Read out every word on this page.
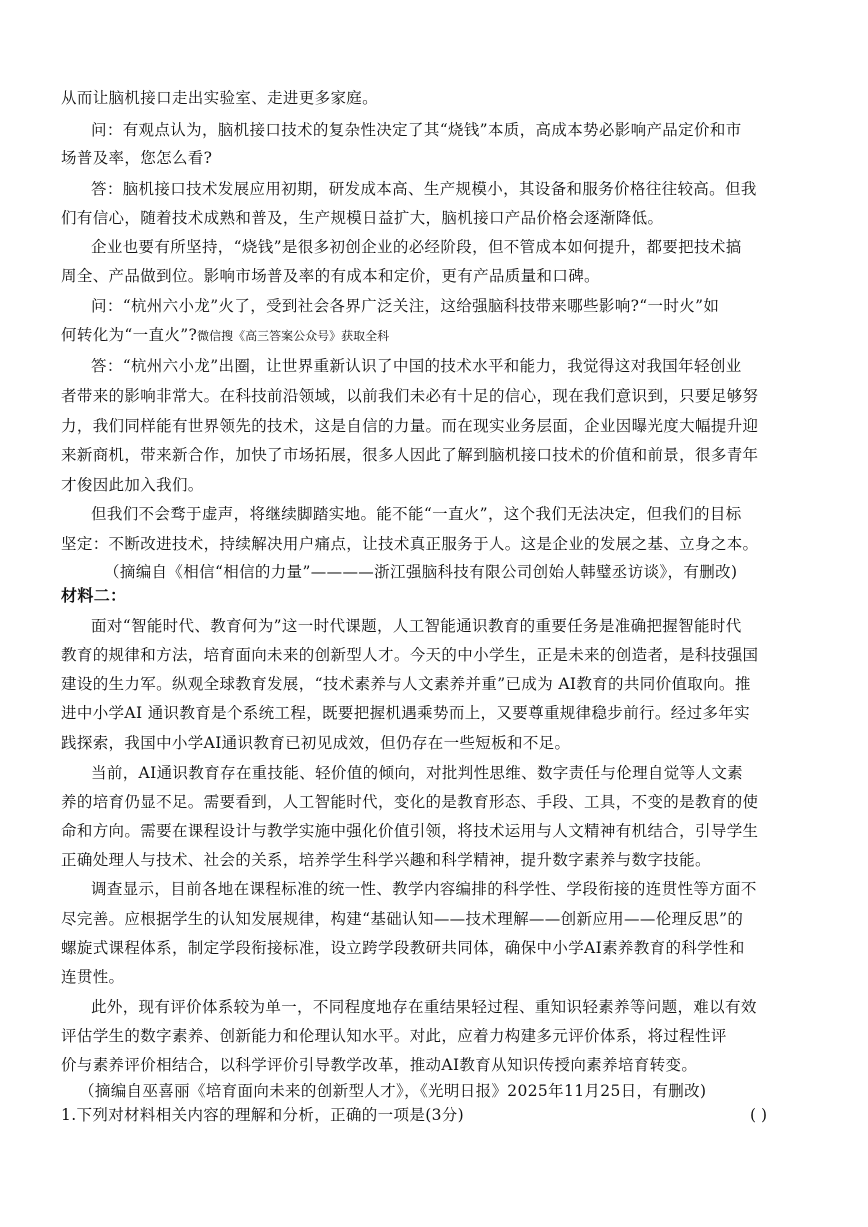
从而让脑机接口走出实验室、走进更多家庭。
问：有观点认为，脑机接口技术的复杂性决定了其“烧钱”本质，高成本势必影响产品定价和市
场普及率，您怎么看?
答：脑机接口技术发展应用初期，研发成本高、生产规模小，其设备和服务价格往往较高。但我
们有信心，随着技术成熟和普及，生产规模日益扩大，脑机接口产品价格会逐渐降低。
企业也要有所坚持，“烧钱”是很多初创企业的必经阶段，但不管成本如何提升，都要把技术搞
周全、产品做到位。影响市场普及率的有成本和定价，更有产品质量和口碑。
问：“杭州六小龙”火了，受到社会各界广泛关注，这给强脑科技带来哪些影响?“一时火”如
何转化为“一直火”?微信搜《高三答案公众号》获取全科
答：“杭州六小龙”出圈，让世界重新认识了中国的技术水平和能力，我觉得这对我国年轻创业
者带来的影响非常大。在科技前沿领域，以前我们未必有十足的信心，现在我们意识到，只要足够努
力，我们同样能有世界领先的技术，这是自信的力量。而在现实业务层面，企业因曝光度大幅提升迎
来新商机，带来新合作，加快了市场拓展，很多人因此了解到脑机接口技术的价值和前景，很多青年
才俊因此加入我们。
但我们不会骛于虚声，将继续脚踏实地。能不能“一直火”，这个我们无法决定，但我们的目标
坚定：不断改进技术，持续解决用户痛点，让技术真正服务于人。这是企业的发展之基、立身之本。
（摘编自《相信“相信的力量”————浙江强脑科技有限公司创始人韩璧丞访谈》，有删改)
材料二：
面对“智能时代、教育何为”这一时代课题，人工智能通识教育的重要任务是准确把握智能时代
教育的规律和方法，培育面向未来的创新型人才。今天的中小学生，正是未来的创造者，是科技强国
建设的生力军。纵观全球教育发展，“技术素养与人文素养并重”已成为 AI教育的共同价值取向。推
进中小学AI 通识教育是个系统工程，既要把握机遇乘势而上，又要尊重规律稳步前行。经过多年实
践探索，我国中小学AI通识教育已初见成效，但仍存在一些短板和不足。
当前，AI通识教育存在重技能、轻价值的倾向，对批判性思维、数字责任与伦理自觉等人文素
养的培育仍显不足。需要看到，人工智能时代，变化的是教育形态、手段、工具，不变的是教育的使
命和方向。需要在课程设计与教学实施中强化价值引领，将技术运用与人文精神有机结合，引导学生
正确处理人与技术、社会的关系，培养学生科学兴趣和科学精神，提升数字素养与数字技能。
调查显示，目前各地在课程标准的统一性、教学内容编排的科学性、学段衔接的连贯性等方面不
尽完善。应根据学生的认知发展规律，构建“基础认知——技术理解——创新应用——伦理反思”的
螺旋式课程体系，制定学段衔接标准，设立跨学段教研共同体，确保中小学AI素养教育的科学性和
连贯性。
此外，现有评价体系较为单一，不同程度地存在重结果轻过程、重知识轻素养等问题，难以有效
评估学生的数字素养、创新能力和伦理认知水平。对此，应着力构建多元评价体系，将过程性评
价与素养评价相结合，以科学评价引导教学改革，推动AI教育从知识传授向素养培育转变。
（摘编自巫喜丽《培育面向未来的创新型人才》，《光明日报》2025年11月25日，有删改)
1.下列对材料相关内容的理解和分析，正确的一项是(3分)	( )
